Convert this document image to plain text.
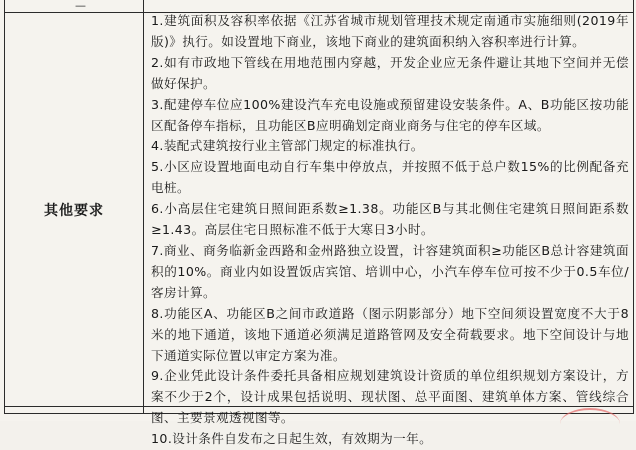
—
其他要求

1.建筑面积及容积率依据《江苏省城市规划管理技术规定南通市实施细则(2019年版)》执行。如设置地下商业，该地下商业的建筑面积纳入容积率进行计算。

2.如有市政地下管线在用地范围内穿越，开发企业应无条件避让其地下空间并无偿做好保护。

3.配建停车位应100%建设汽车充电设施或预留建设安装条件。A、B功能区按功能区配备停车指标，且功能区B应明确划定商业商务与住宅的停车区域。

4.装配式建筑按行业主管部门规定的标准执行。

5.小区应设置地面电动自行车集中停放点，并按照不低于总户数15%的比例配备充电桩。

6.小高层住宅建筑日照间距系数≥1.38。功能区B与其北侧住宅建筑日照间距系数≥1.43。高层住宅日照标准不低于大寒日3小时。

7.商业、商务临新金西路和金州路独立设置，计容建筑面积≥功能区B总计容建筑面积的10%。商业内如设置饭店宾馆、培训中心，小汽车停车位可按不少于0.5车位/客房计算。

8.功能区A、功能区B之间市政道路（图示阴影部分）地下空间须设置宽度不大于8米的地下通道，该地下通道必须满足道路管网及安全荷载要求。地下空间设计与地下通道实际位置以审定方案为准。

9.企业凭此设计条件委托具备相应规划建筑设计资质的单位组织规划方案设计，方案不少于2个，设计成果包括说明、现状图、总平面图、建筑单体方案、管线综合图、主要景观透视图等。

10.设计条件自发布之日起生效，有效期为一年。
